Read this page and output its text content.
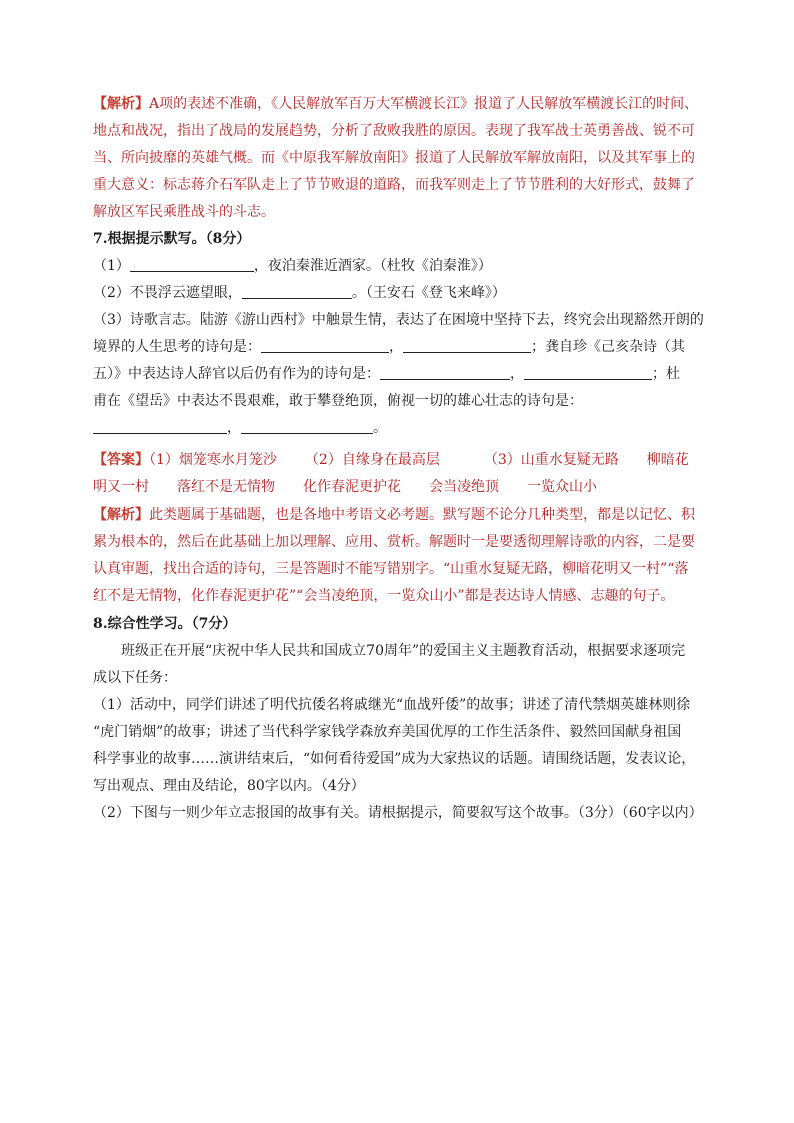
【解析】A项的表述不准确，《人民解放军百万大军横渡长江》报道了人民解放军横渡长江的时间、
地点和战况，指出了战局的发展趋势，分析了敌败我胜的原因。表现了我军战士英勇善战、锐不可
当、所向披靡的英雄气概。而《中原我军解放南阳》报道了人民解放军解放南阳，以及其军事上的
重大意义：标志蒋介石军队走上了节节败退的道路，而我军则走上了节节胜利的大好形式，鼓舞了
解放区军民乘胜战斗的斗志。
7.根据提示默写。（8分）
（1）	，夜泊秦淮近酒家。（杜牧《泊秦淮》）
（2）不畏浮云遮望眼，	。（王安石《登飞来峰》）
（3）诗歌言志。陆游《游山西村》中触景生情，表达了在困境中坚持下去，终究会出现豁然开朗的
境界的人生思考的诗句是：	，	；龚自珍《己亥杂诗（其
五）》中表达诗人辞官以后仍有作为的诗句是：	，	；杜
甫在《望岳》中表达不畏艰难，敢于攀登绝顶，俯视一切的雄心壮志的诗句是：
，	。
【答案】（1）烟笼寒水月笼沙 （2）自缘身在最高层	（3）山重水复疑无路 柳暗花
明又一村 落红不是无情物 化作春泥更护花 会当凌绝顶 一览众山小
【解析】此类题属于基础题，也是各地中考语文必考题。默写题不论分几种类型，都是以记忆、积
累为根本的，然后在此基础上加以理解、应用、赏析。解题时一是要透彻理解诗歌的内容，二是要
认真审题，找出合适的诗句，三是答题时不能写错别字。“山重水复疑无路，柳暗花明又一村”“落
红不是无情物，化作春泥更护花”“会当凌绝顶，一览众山小”都是表达诗人情感、志趣的句子。
8.综合性学习。（7分）
班级正在开展“庆祝中华人民共和国成立70周年”的爱国主义主题教育活动，根据要求逐项完
成以下任务：
（1）活动中，同学们讲述了明代抗倭名将戚继光“血战歼倭”的故事；讲述了清代禁烟英雄林则徐
“虎门销烟”的故事；讲述了当代科学家钱学森放弃美国优厚的工作生活条件、毅然回国献身祖国
科学事业的故事……演讲结束后，“如何看待爱国”成为大家热议的话题。请围绕话题，发表议论，
写出观点、理由及结论，80字以内。（4分）
（2）下图与一则少年立志报国的故事有关。请根据提示，简要叙写这个故事。（3分）（60字以内）
